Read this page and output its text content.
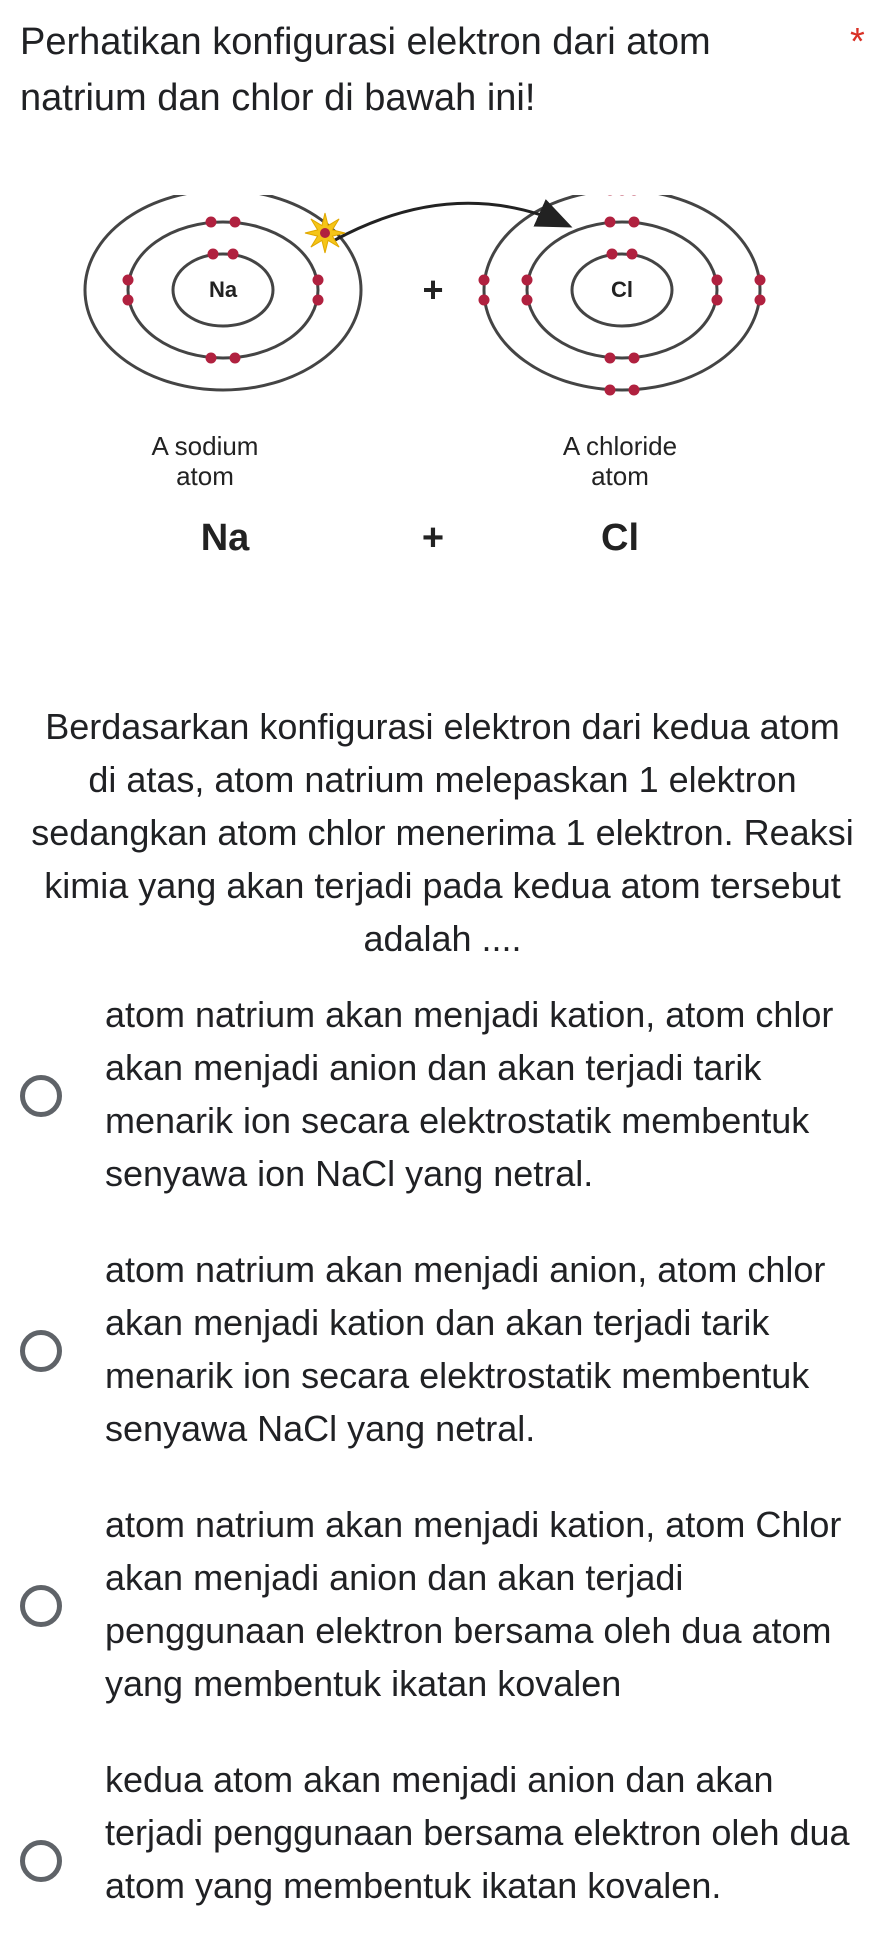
Perhatikan konfigurasi elektron dari atom natrium dan chlor di bawah ini!
*
Na	Cl
+
A sodium
atom
A chloride
atom
Na	+	Cl
Berdasarkan konfigurasi elektron dari kedua atom di atas, atom natrium melepaskan 1 elektron sedangkan atom chlor menerima 1 elektron. Reaksi kimia yang akan terjadi pada kedua atom tersebut adalah ....
atom natrium akan menjadi kation, atom chlor akan menjadi anion dan akan terjadi tarik menarik ion secara elektrostatik membentuk senyawa ion NaCl yang netral.
atom natrium akan menjadi anion, atom chlor akan menjadi kation dan akan terjadi tarik menarik ion secara elektrostatik membentuk senyawa NaCl yang netral.
atom natrium akan menjadi kation, atom Chlor akan menjadi anion dan akan terjadi penggunaan elektron bersama oleh dua atom yang membentuk ikatan kovalen
kedua atom akan menjadi anion dan akan terjadi penggunaan bersama elektron oleh dua atom yang membentuk ikatan kovalen.
